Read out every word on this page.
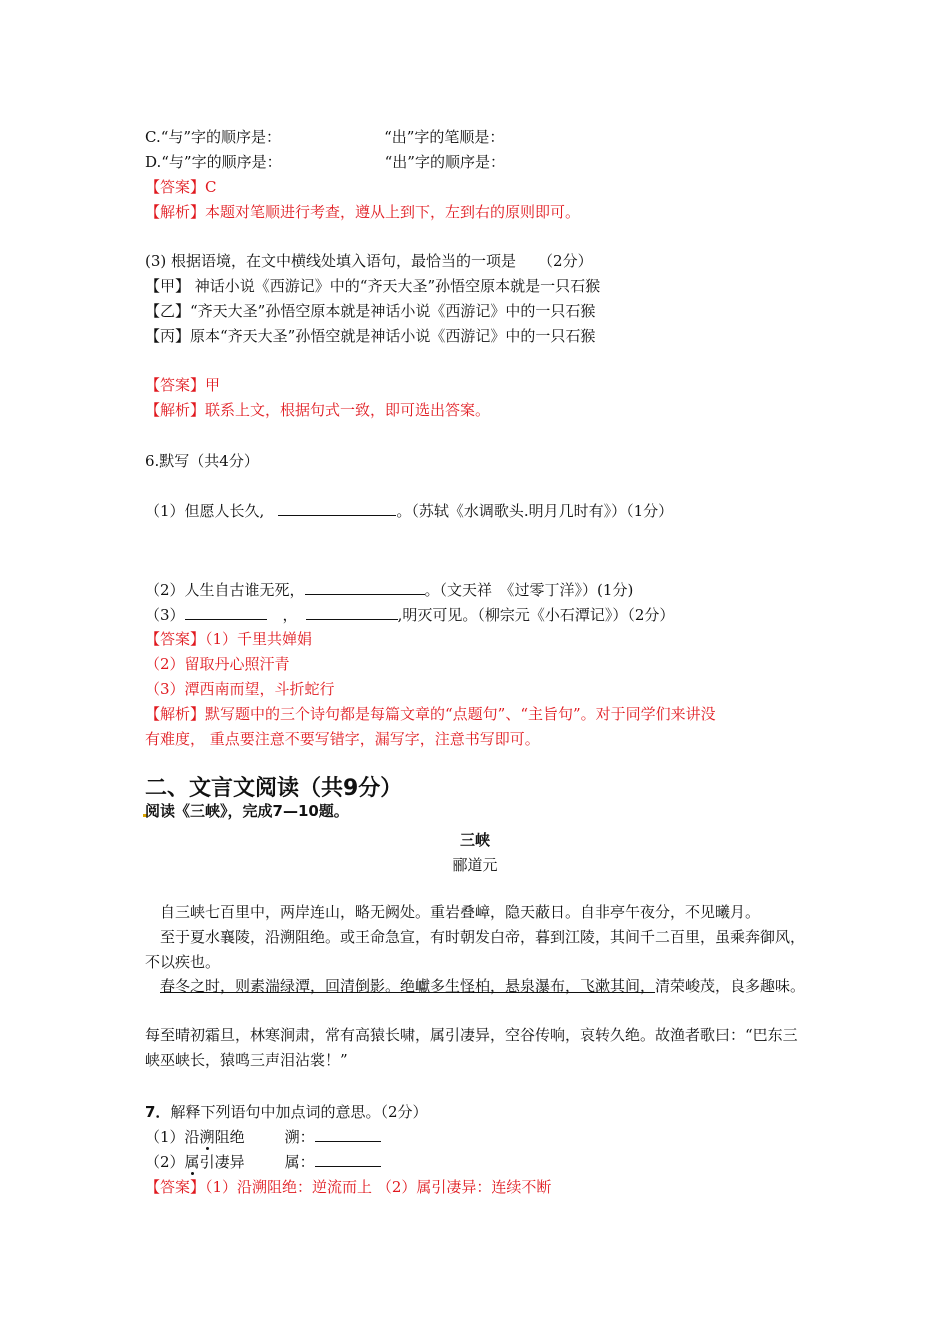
C.“与”字的顺序是：	“出”字的笔顺是：
D.“与”字的顺序是：	“出”字的顺序是：
【答案】C
【解析】本题对笔顺进行考查，遵从上到下，左到右的原则即可。
(3) 根据语境，在文中横线处填入语句，最恰当的一项是 （2分）
【甲】 神话小说《西游记》中的“齐天大圣”孙悟空原本就是一只石猴
【乙】“齐天大圣”孙悟空原本就是神话小说《西游记》中的一只石猴
【丙】原本“齐天大圣”孙悟空就是神话小说《西游记》中的一只石猴
【答案】甲
【解析】联系上文，根据句式一致，即可选出答案。
6.默写（共4分）
（1）但愿人长久,	。（苏轼《水调歌头.明月几时有》）（1分）
（2）人生自古谁无死，	。（文天祥　《过零丁洋》）(1分)
（3）	，	,明灭可见。（柳宗元《小石潭记》）（2分）
【答案】（1）千里共婵娟
（2）留取丹心照汗青
（3）潭西南而望，斗折蛇行
【解析】默写题中的三个诗句都是每篇文章的“点题句”、“主旨句”。对于同学们来讲没
有难度， 重点要注意不要写错字，漏写字，注意书写即可。
二、文言文阅读（共9分）
阅读《三峡》，完成7—10题。
三峡
郦道元
自三峡七百里中，两岸连山，略无阙处。重岩叠嶂，隐天蔽日。自非亭午夜分，不见曦月。
至于夏水襄陵，沿溯阻绝。或王命急宣，有时朝发白帝，暮到江陵，其间千二百里，虽乘奔御风，不以疾也。
春冬之时，则素湍绿潭，回清倒影。绝巘多生怪柏，悬泉瀑布，飞漱其间，清荣峻茂，良多趣味。
每至晴初霜旦，林寒涧肃，常有高猿长啸，属引凄异，空谷传响，哀转久绝。故渔者歌曰：“巴东三峡巫峡长，猿鸣三声泪沾裳！”
7．解释下列语句中加点词的意思。（2分）
（1）沿溯阻绝	溯：
（2）属引凄异	属：
【答案】（1）沿溯阻绝：逆流而上 （2）属引凄异：连续不断
